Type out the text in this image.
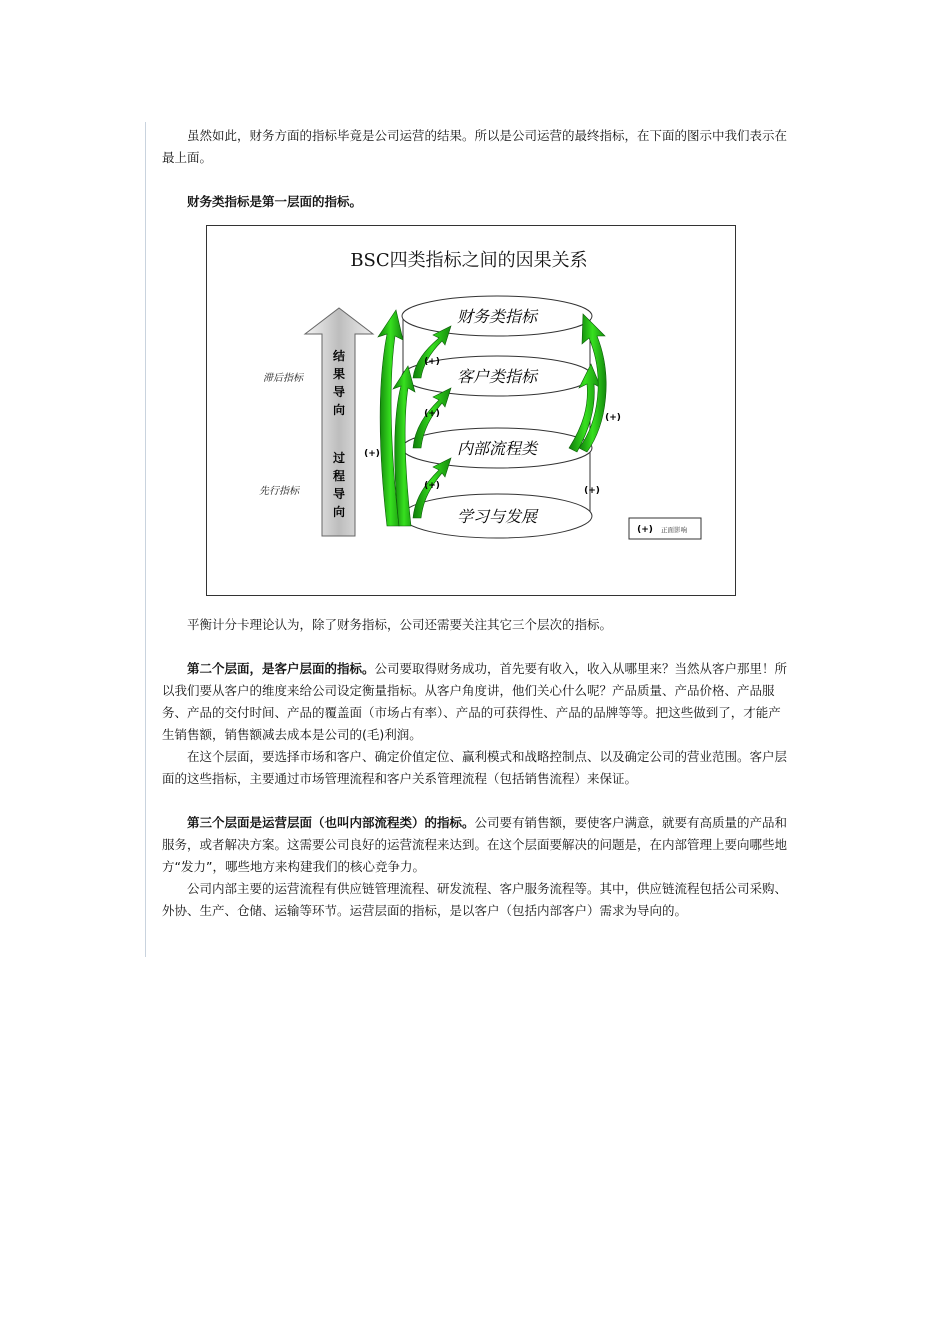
虽然如此，财务方面的指标毕竟是公司运营的结果。所以是公司运营的最终指标，在下面的图示中我们表示在最上面。

财务类指标是第一层面的指标。

BSC四类指标之间的因果关系
结
果
导
向
过
程
导
向
滞后指标
先行指标
财务类指标
客户类指标
内部流程类
学习与发展
(+)
(+)
(+)
(+)
(+)
(+)
(+) 正面影响

平衡计分卡理论认为，除了财务指标，公司还需要关注其它三个层次的指标。

第二个层面，是客户层面的指标。公司要取得财务成功，首先要有收入，收入从哪里来？当然从客户那里！所以我们要从客户的维度来给公司设定衡量指标。从客户角度讲，他们关心什么呢？产品质量、产品价格、产品服务、产品的交付时间、产品的覆盖面（市场占有率）、产品的可获得性、产品的品牌等等。把这些做到了，才能产生销售额，销售额减去成本是公司的(毛)利润。

在这个层面，要选择市场和客户、确定价值定位、赢利模式和战略控制点、以及确定公司的营业范围。客户层面的这些指标，主要通过市场管理流程和客户关系管理流程（包括销售流程）来保证。

第三个层面是运营层面（也叫内部流程类）的指标。公司要有销售额，要使客户满意，就要有高质量的产品和服务，或者解决方案。这需要公司良好的运营流程来达到。在这个层面要解决的问题是，在内部管理上要向哪些地方“发力”，哪些地方来构建我们的核心竞争力。

公司内部主要的运营流程有供应链管理流程、研发流程、客户服务流程等。其中，供应链流程包括公司采购、外协、生产、仓储、运输等环节。运营层面的指标，是以客户（包括内部客户）需求为导向的。
